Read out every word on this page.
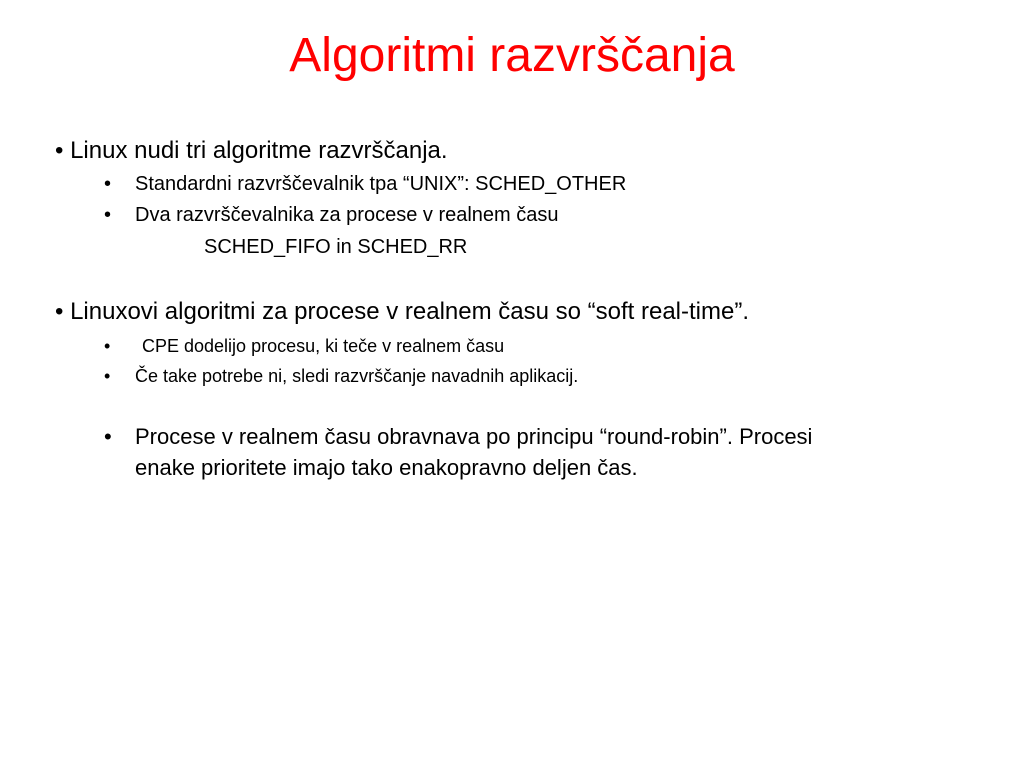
Algoritmi razvrščanja
• Linux nudi tri algoritme razvrščanja.
• Standardni razvrščevalnik tpa “UNIX”: SCHED_OTHER
• Dva razvrščevalnika za procese v realnem času
SCHED_FIFO in SCHED_RR
• Linuxovi algoritmi za procese v realnem času so “soft real-time”.
• CPE dodelijo procesu, ki teče v realnem času
• Če take potrebe ni, sledi razvrščanje navadnih aplikacij.
• Procese v realnem času obravnava po principu “round-robin”. Procesi
enake prioritete imajo tako enakopravno deljen čas.
